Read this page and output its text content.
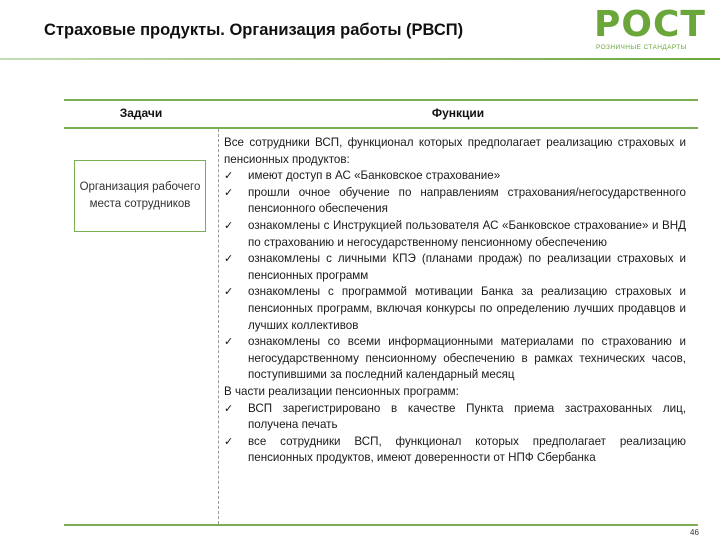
Страховые продукты. Организация работы (РВСП)	РОСТ
РОЗНИЧНЫЕ СТАНДАРТЫ
Задачи	Функции
Организация рабочего места сотрудников

Все сотрудники ВСП, функционал которых предполагает реализацию страховых и пенсионных продуктов:

✓ имеют доступ в АС «Банковское страхование»
✓ прошли очное обучение по направлениям страхования/негосударственного пенсионного обеспечения
✓ ознакомлены с Инструкцией пользователя АС «Банковское страхование» и ВНД по страхованию и негосударственному пенсионному обеспечению
✓ ознакомлены с личными КПЭ (планами продаж) по реализации страховых и пенсионных программ
✓ ознакомлены с программой мотивации Банка за реализацию страховых и пенсионных программ, включая конкурсы по определению лучших продавцов и лучших коллективов
✓ ознакомлены со всеми информационными материалами по страхованию и негосударственному пенсионному обеспечению в рамках технических часов, поступившими за последний календарный месяц

В части реализации пенсионных программ:

✓ ВСП зарегистрировано в качестве Пункта приема застрахованных лиц, получена печать
✓ все сотрудники ВСП, функционал которых предполагает реализацию пенсионных продуктов, имеют доверенности от НПФ Сбербанка
46
